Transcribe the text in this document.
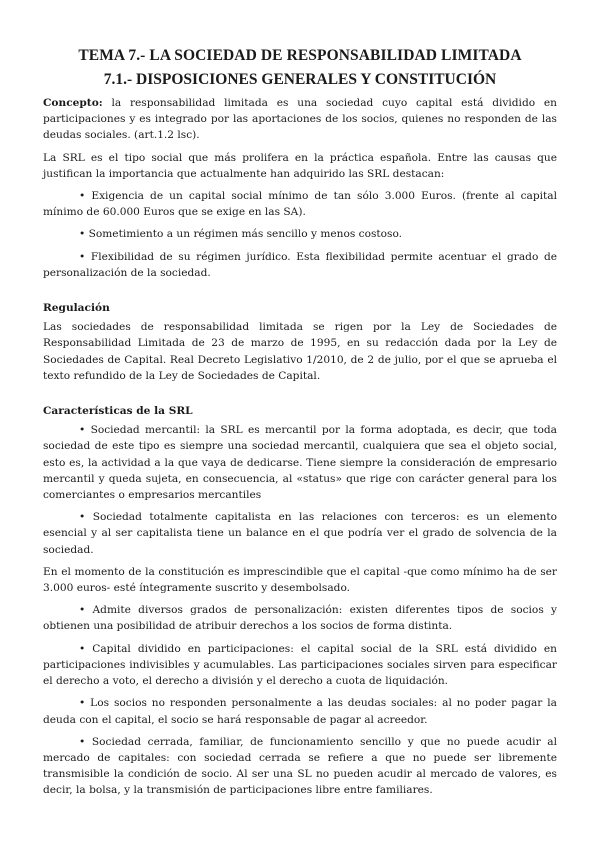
TEMA 7.- LA SOCIEDAD DE RESPONSABILIDAD LIMITADA
7.1.- DISPOSICIONES GENERALES Y CONSTITUCIÓN

Concepto: la responsabilidad limitada es una sociedad cuyo capital está dividido en participaciones y es integrado por las aportaciones de los socios, quienes no responden de las deudas sociales. (art.1.2 lsc).

La SRL es el tipo social que más prolifera en la práctica española. Entre las causas que justifican la importancia que actualmente han adquirido las SRL destacan:

• Exigencia de un capital social mínimo de tan sólo 3.000 Euros. (frente al capital mínimo de 60.000 Euros que se exige en las SA).

• Sometimiento a un régimen más sencillo y menos costoso.

• Flexibilidad de su régimen jurídico. Esta flexibilidad permite acentuar el grado de personalización de la sociedad.

Regulación

Las sociedades de responsabilidad limitada se rigen por la Ley de Sociedades de Responsabilidad Limitada de 23 de marzo de 1995, en su redacción dada por la Ley de Sociedades de Capital. Real Decreto Legislativo 1/2010, de 2 de julio, por el que se aprueba el texto refundido de la Ley de Sociedades de Capital.

Características de la SRL

• Sociedad mercantil: la SRL es mercantil por la forma adoptada, es decir, que toda sociedad de este tipo es siempre una sociedad mercantil, cualquiera que sea el objeto social, esto es, la actividad a la que vaya de dedicarse. Tiene siempre la consideración de empresario mercantil y queda sujeta, en consecuencia, al «status» que rige con carácter general para los comerciantes o empresarios mercantiles

• Sociedad totalmente capitalista en las relaciones con terceros: es un elemento esencial y al ser capitalista tiene un balance en el que podría ver el grado de solvencia de la sociedad.

En el momento de la constitución es imprescindible que el capital -que como mínimo ha de ser 3.000 euros- esté íntegramente suscrito y desembolsado.

• Admite diversos grados de personalización: existen diferentes tipos de socios y obtienen una posibilidad de atribuir derechos a los socios de forma distinta.

• Capital dividido en participaciones: el capital social de la SRL está dividido en participaciones indivisibles y acumulables. Las participaciones sociales sirven para especificar el derecho a voto, el derecho a división y el derecho a cuota de liquidación.

• Los socios no responden personalmente a las deudas sociales: al no poder pagar la deuda con el capital, el socio se hará responsable de pagar al acreedor.

• Sociedad cerrada, familiar, de funcionamiento sencillo y que no puede acudir al mercado de capitales: con sociedad cerrada se refiere a que no puede ser libremente transmisible la condición de socio. Al ser una SL no pueden acudir al mercado de valores, es decir, la bolsa, y la transmisión de participaciones libre entre familiares.
